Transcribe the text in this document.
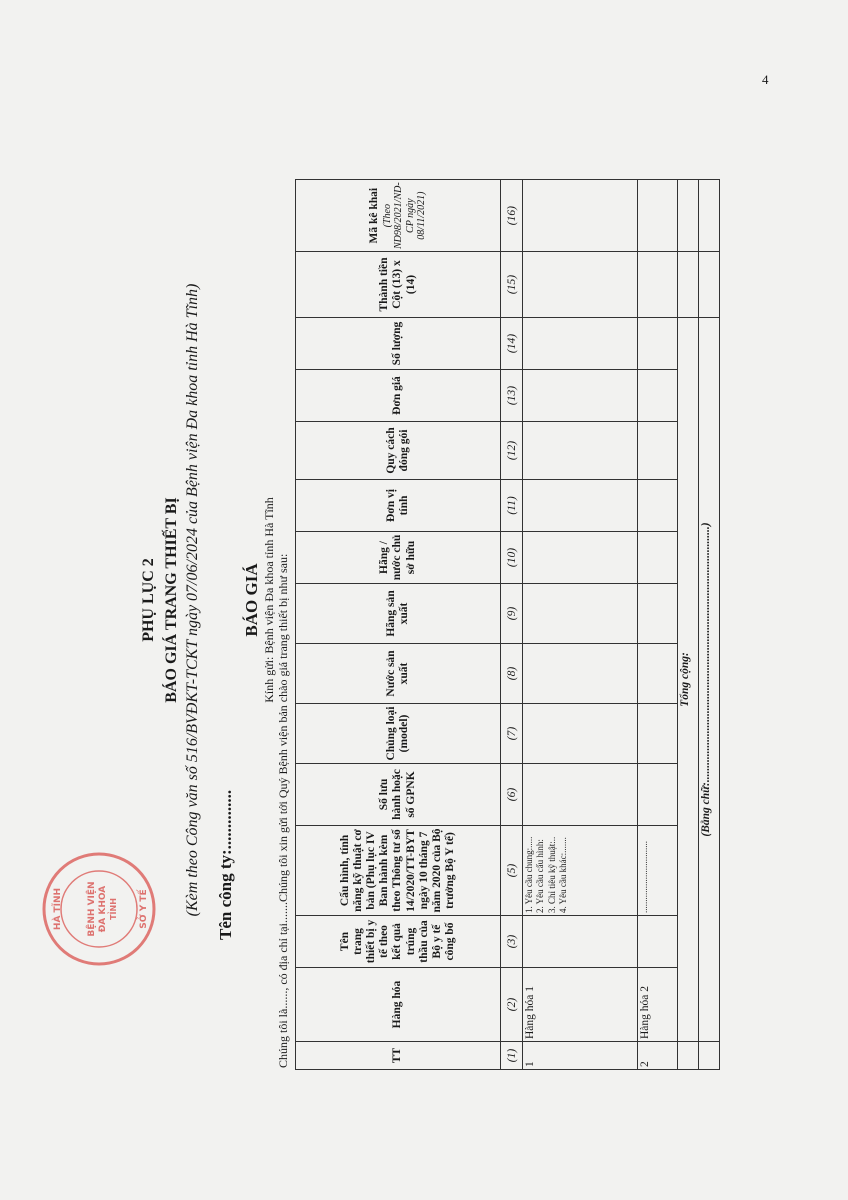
4
BỆNH VIỆN ĐA KHOA TỈNH
HÀ TĨNH	SỞ Y TẾ
PHỤ LỤC 2 BÁO GIÁ TRANG THIẾT BỊ (Kèm theo Công văn số 516/BVĐKT-TCKT ngày 07/06/2024 của Bệnh viện Đa khoa tỉnh Hà Tĩnh) Tên công ty:..............
BÁO GIÁ Kính gửi: Bệnh viện Đa khoa tỉnh Hà Tĩnh Chúng tôi là......, có địa chỉ tại.......Chúng tôi xin gửi tới Quý Bệnh viện bản chào giá trang thiết bị như sau:	TT	Hàng hóa	Tên trang thiết bị y tế theo kết quả trúng thầu của Bộ y tế công bố	Cấu hình, tính năng kỹ thuật cơ bản (Phụ lục IV Ban hành kèm theo Thông tư số 14/2020/TT-BYT ngày 10 tháng 7 năm 2020 của Bộ trưởng Bộ Y tế)	Số lưu hành hoặc số GPNK	Chủng loại (model)	Nước sản xuất	Hãng sản xuất	Hãng / nước chủ sở hữu	Đơn vị tính	Quy cách đóng gói	Đơn giá	Số lượng	Thành tiền Cột (13) x (14)	Mã kê khai (Theo ND98/2021/ND-CP ngày 08/11/2021)

(1)	(2)	(3)	(5)	(6)	(7)	(8)	(9)	(10)	(11)	(12)	(13)	(14)	(15)	(16)
1	Hàng hóa 1		1. Yêu cầu chung:..... 2. Yêu cầu cấu hình: 3. Chỉ tiêu kỹ thuật:.. 4. Yêu cầu khác:.......											

2	Hàng hóa 2		................................											
	Tổng cộng:													
	(Bằng chữ:.........................................................................................)													
